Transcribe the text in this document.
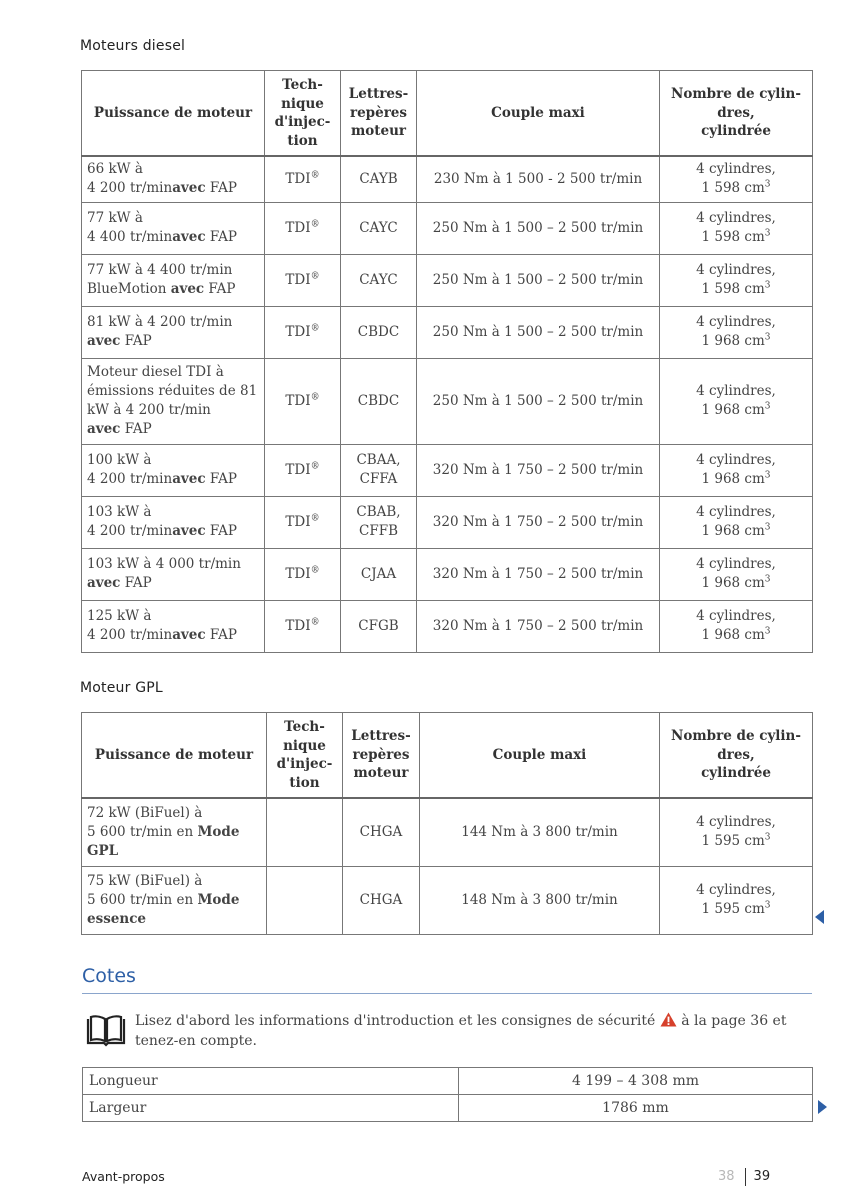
Moteurs diesel
Puissance de moteur	Tech-
nique
d'injec-
tion	Lettres-
repères
moteur	Couple maxi	Nombre de cylin-
dres,
cylindrée
66 kW à
4 200 tr/minavec FAP	TDI®	CAYB	230 Nm à 1 500 - 2 500 tr/min	4 cylindres,
1 598 $cm^3$
77 kW à
4 400 tr/minavec FAP	TDI®	CAYC	250 Nm à 1 500 – 2 500 tr/min	4 cylindres,
1 598 $cm^3$
77 kW à 4 400 tr/min
BlueMotion avec FAP	TDI®	CAYC	250 Nm à 1 500 – 2 500 tr/min	4 cylindres,
1 598 $cm^3$
81 kW à 4 200 tr/min
avec FAP	TDI®	CBDC	250 Nm à 1 500 – 2 500 tr/min	4 cylindres,
1 968 $cm^3$
Moteur diesel TDI à émissions réduites de 81 kW à 4 200 tr/min
avec FAP	TDI®	CBDC	250 Nm à 1 500 – 2 500 tr/min	4 cylindres,
1 968 $cm^3$
100 kW à
4 200 tr/minavec FAP	TDI®	CBAA,
CFFA	320 Nm à 1 750 – 2 500 tr/min	4 cylindres,
1 968 $cm^3$
103 kW à
4 200 tr/minavec FAP	TDI®	CBAB,
CFFB	320 Nm à 1 750 – 2 500 tr/min	4 cylindres,
1 968 $cm^3$
103 kW à 4 000 tr/min
avec FAP	TDI®	CJAA	320 Nm à 1 750 – 2 500 tr/min	4 cylindres,
1 968 $cm^3$
125 kW à
4 200 tr/minavec FAP	TDI®	CFGB	320 Nm à 1 750 – 2 500 tr/min	4 cylindres,
1 968 $cm^3$
Moteur GPL
Puissance de moteur	Tech-
nique
d'injec-
tion	Lettres-
repères
moteur	Couple maxi	Nombre de cylin-
dres,
cylindrée
72 kW (BiFuel) à
5 600 tr/min en Mode GPL		CHGA	144 Nm à 3 800 tr/min	4 cylindres,
1 595 $cm^3$
75 kW (BiFuel) à
5 600 tr/min en Mode essence		CHGA	148 Nm à 3 800 tr/min	4 cylindres,
1 595 $cm^3$
Cotes
Lisez d'abord les informations d'introduction et les consignes de sécurité  à la page 36 et tenez-en compte.
Longueur	4 199 – 4 308 mm
Largeur	1786 mm
Avant-propos	38 39
